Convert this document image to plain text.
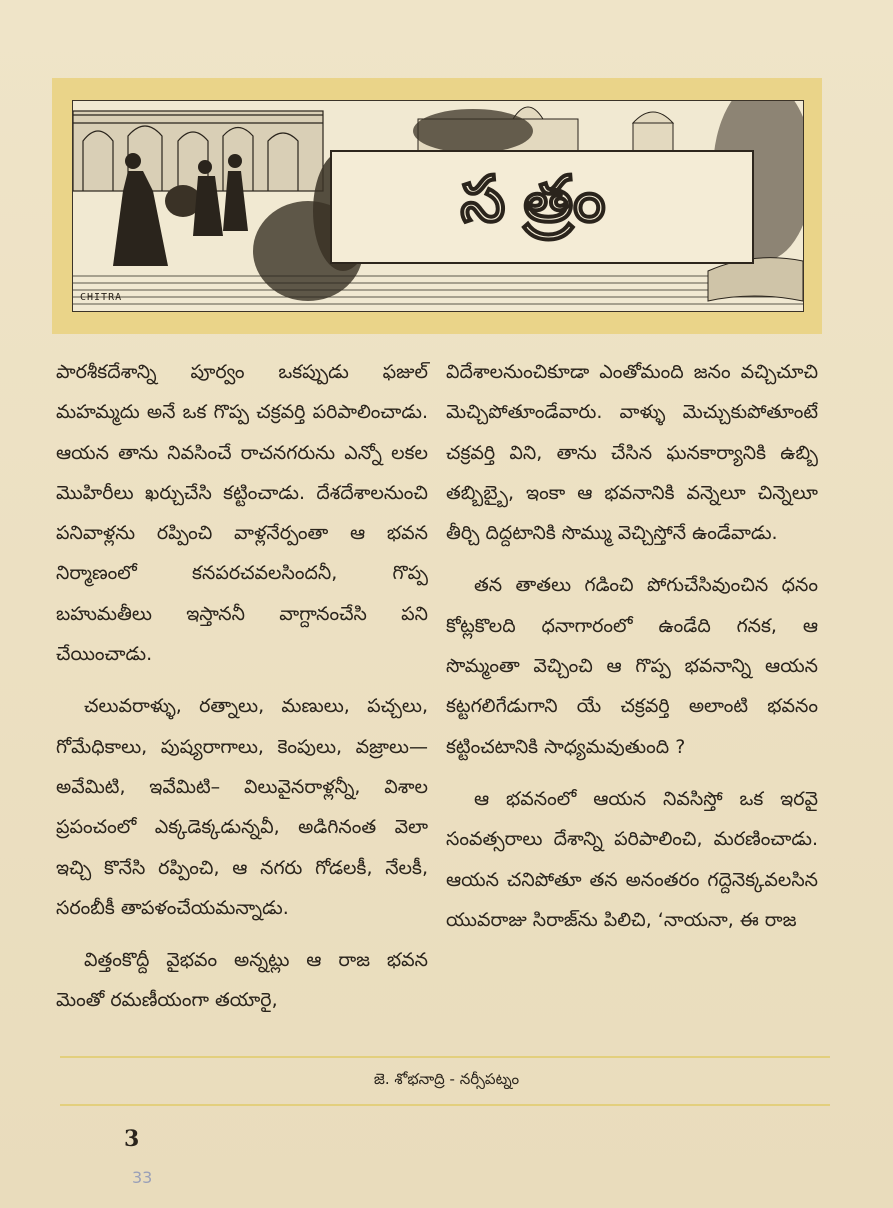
సత్రం
CHITRA

పారశీకదేశాన్ని పూర్వం ఒకప్పుడు ఫజుల్ మహమ్మదు అనే ఒక గొప్ప చక్రవర్తి పరిపాలించాడు. ఆయన తాను నివసించే రాచనగరును ఎన్నో లకల మొహిరీలు ఖర్చుచేసి కట్టించాడు. దేశదేశాలనుంచి పనివాళ్లను రప్పించి వాళ్లనేర్పంతా ఆ భవన నిర్మాణంలో కనపరచవలసిందనీ, గొప్ప బహుమతీలు ఇస్తాననీ వాగ్దానంచేసి పని చేయించాడు.

చలువరాళ్ళు, రత్నాలు, మణులు, పచ్చలు, గోమేధికాలు, పుష్యరాగాలు, కెంపులు, వజ్రాలు—అవేమిటి, ఇవేమిటి– విలువైనరాళ్లన్నీ, విశాల ప్రపంచంలో ఎక్కడెక్కడున్నవీ, అడిగినంత వెలా ఇచ్చి కొనేసి రప్పించి, ఆ నగరు గోడలకీ, నేలకీ, సరంబీకీ తాపళంచేయమన్నాడు.

విత్తంకొద్దీ వైభవం అన్నట్లు ఆ రాజ భవన మెంతో రమణీయంగా తయారై,

విదేశాలనుంచికూడా ఎంతోమంది జనం వచ్చిచూచి మెచ్చిపోతూండేవారు. వాళ్ళు మెచ్చుకుపోతూంటే చక్రవర్తి విని, తాను చేసిన ఘనకార్యానికి ఉబ్బి తబ్బిబ్బై, ఇంకా ఆ భవనానికి వన్నెలూ చిన్నెలూ తీర్చి దిద్దటానికి సొమ్ము వెచ్చిస్తోనే ఉండేవాడు.

తన తాతలు గడించి పోగుచేసివుంచిన ధనం కోట్లకొలది ధనాగారంలో ఉండేది గనక, ఆ సొమ్మంతా వెచ్చించి ఆ గొప్ప భవనాన్ని ఆయన కట్టగలిగేడుగాని యే చక్రవర్తి అలాంటి భవనం కట్టించటానికి సాధ్యమవుతుంది ?

ఆ భవనంలో ఆయన నివసిస్తో ఒక ఇరవై సంవత్సరాలు దేశాన్ని పరిపాలించి, మరణించాడు. ఆయన చనిపోతూ తన అనంతరం గద్దెనెక్కవలసిన యువరాజు సిరాజ్‌ను పిలిచి, ‘నాయనా, ఈ రాజ

జె. శోభనాద్రి - నర్సీపట్నం
3
33
